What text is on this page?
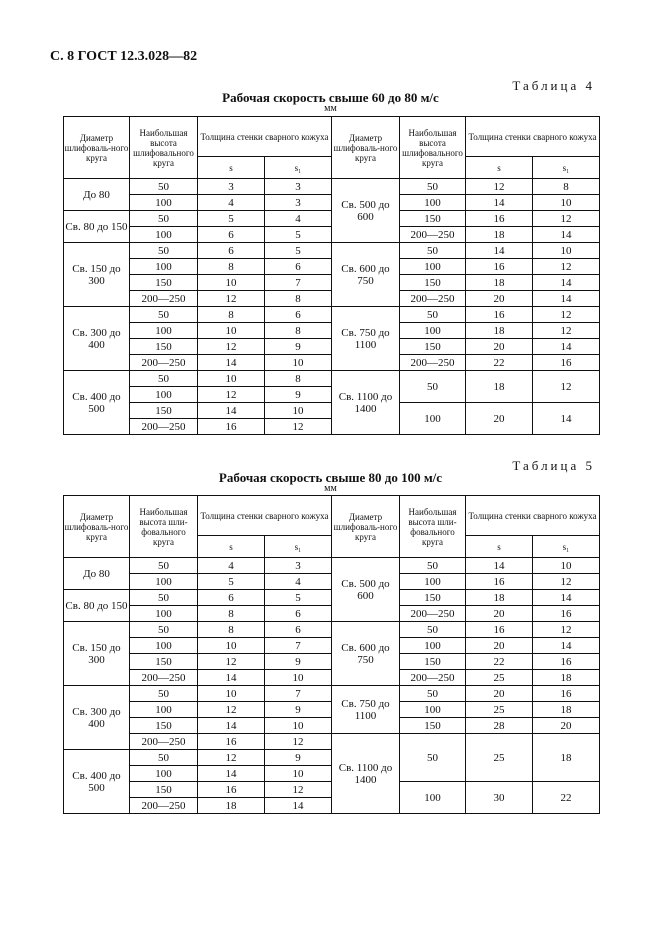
С. 8 ГОСТ 12.3.028—82
Таблица 4
Рабочая скорость свыше 60 до 80 м/с
мм
Диаметр шлифоваль-ного круга	Наибольшая высота шлифовального круга	Толщина стенки сварного кожуха		Диаметр шлифоваль-ного круга	Наибольшая высота шлифовального круга	Толщина стенки сварного кожуха	
		s	s₁			s	s₁
До 80	50	3	3	Св. 500 до 600	50	12	8
	100	4	3		100	14	10
Св. 80 до 150	50	5	4		150	16	12
	100	6	5		200—250	18	14
Св. 150 до 300	50	6	5	Св. 600 до 750	50	14	10
	100	8	6		100	16	12
	150	10	7		150	18	14
	200—250	12	8		200—250	20	14
Св. 300 до 400	50	8	6	Св. 750 до 1100	50	16	12
	100	10	8		100	18	12
	150	12	9		150	20	14
	200—250	14	10		200—250	22	16
Св. 400 до 500	50	10	8	Св. 1100 до 1400	50	18	12
	100	12	9				
	150	14	10		100	20	14
	200—250	16	12				
Таблица 5
Рабочая скорость свыше 80 до 100 м/с
мм
Диаметр шлифоваль-ного круга	Наибольшая высота шли-фовального круга	Толщина стенки сварного кожуха		Диаметр шлифоваль-ного круга	Наибольшая высота шли-фовального круга	Толщина стенки сварного кожуха	
		s	s₁			s	s₁
До 80	50	4	3	Св. 500 до 600	50	14	10
	100	5	4		100	16	12
Св. 80 до 150	50	6	5		150	18	14
	100	8	6		200—250	20	16
Св. 150 до 300	50	8	6	Св. 600 до 750	50	16	12
	100	10	7		100	20	14
	150	12	9		150	22	16
	200—250	14	10		200—250	25	18
Св. 300 до 400	50	10	7	Св. 750 до 1100	50	20	16
	100	12	9		100	25	18
	150	14	10		150	28	20
	200—250	16	12	Св. 1100 до 1400	50	25	18
Св. 400 до 500	50	12	9				
	100	14	10				
	150	16	12		100	30	22
	200—250	18	14				
